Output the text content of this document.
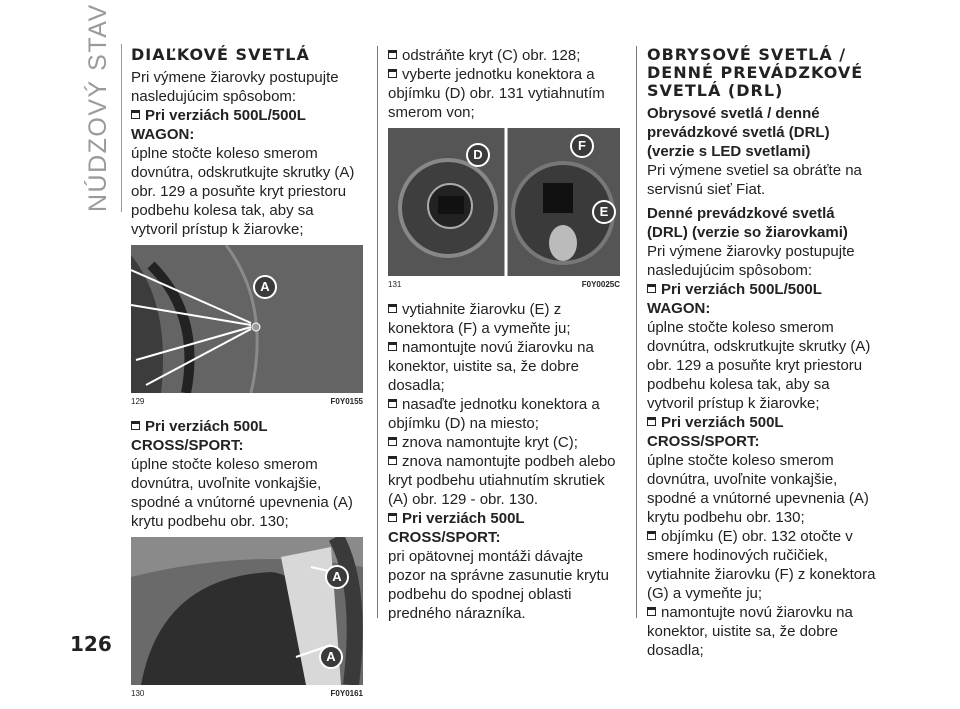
NÚDZOVÝ STAV DIAĽKOVÉ SVETLÁ

Pri výmene žiarovky postupujte nasledujúcim spôsobom:

Pri verziách 500L/500L WAGON:

úplne stočte koleso smerom dovnútra, odskrutkujte skrutky (A) obr. 129 a posuňte kryt priestoru podbehu kolesa tak, aby sa vytvoril prístup k žiarovke;

A
129	F0Y0155

Pri verziách 500L CROSS/SPORT:

úplne stočte koleso smerom dovnútra, uvoľnite vonkajšie, spodné a vnútorné upevnenia (A) krytu podbehu obr. 130;

A
A
130	F0Y0161

odstráňte kryt (C) obr. 128;

vyberte jednotku konektora a objímku (D) obr. 131 vytiahnutím smerom von;

D
F
E
131	F0Y0025C

vytiahnite žiarovku (E) z konektora (F) a vymeňte ju;

namontujte novú žiarovku na konektor, uistite sa, že dobre dosadla;

nasaďte jednotku konektora a objímku (D) na miesto;

znova namontujte kryt (C);

znova namontujte podbeh alebo kryt podbehu utiahnutím skrutiek (A) obr. 129 - obr. 130.

Pri verziách 500L CROSS/SPORT:

pri opätovnej montáži dávajte pozor na správne zasunutie krytu podbehu do spodnej oblasti predného nárazníka.

OBRYSOVÉ SVETLÁ / DENNÉ PREVÁDZKOVÉ SVETLÁ (DRL)
Obrysové svetlá / denné prevádzkové svetlá (DRL) (verzie s LED svetlami)

Pri výmene svetiel sa obráťte na servisnú sieť Fiat.

Denné prevádzkové svetlá (DRL) (verzie so žiarovkami)

Pri výmene žiarovky postupujte nasledujúcim spôsobom:

Pri verziách 500L/500L WAGON:

úplne stočte koleso smerom dovnútra, odskrutkujte skrutky (A) obr. 129 a posuňte kryt priestoru podbehu kolesa tak, aby sa vytvoril prístup k žiarovke;

Pri verziách 500L CROSS/SPORT:

úplne stočte koleso smerom dovnútra, uvoľnite vonkajšie, spodné a vnútorné upevnenia (A) krytu podbehu obr. 130;

objímku (E) obr. 132 otočte v smere hodinových ručičiek, vytiahnite žiarovku (F) z konektora (G) a vymeňte ju;

namontujte novú žiarovku na konektor, uistite sa, že dobre dosadla;

126
